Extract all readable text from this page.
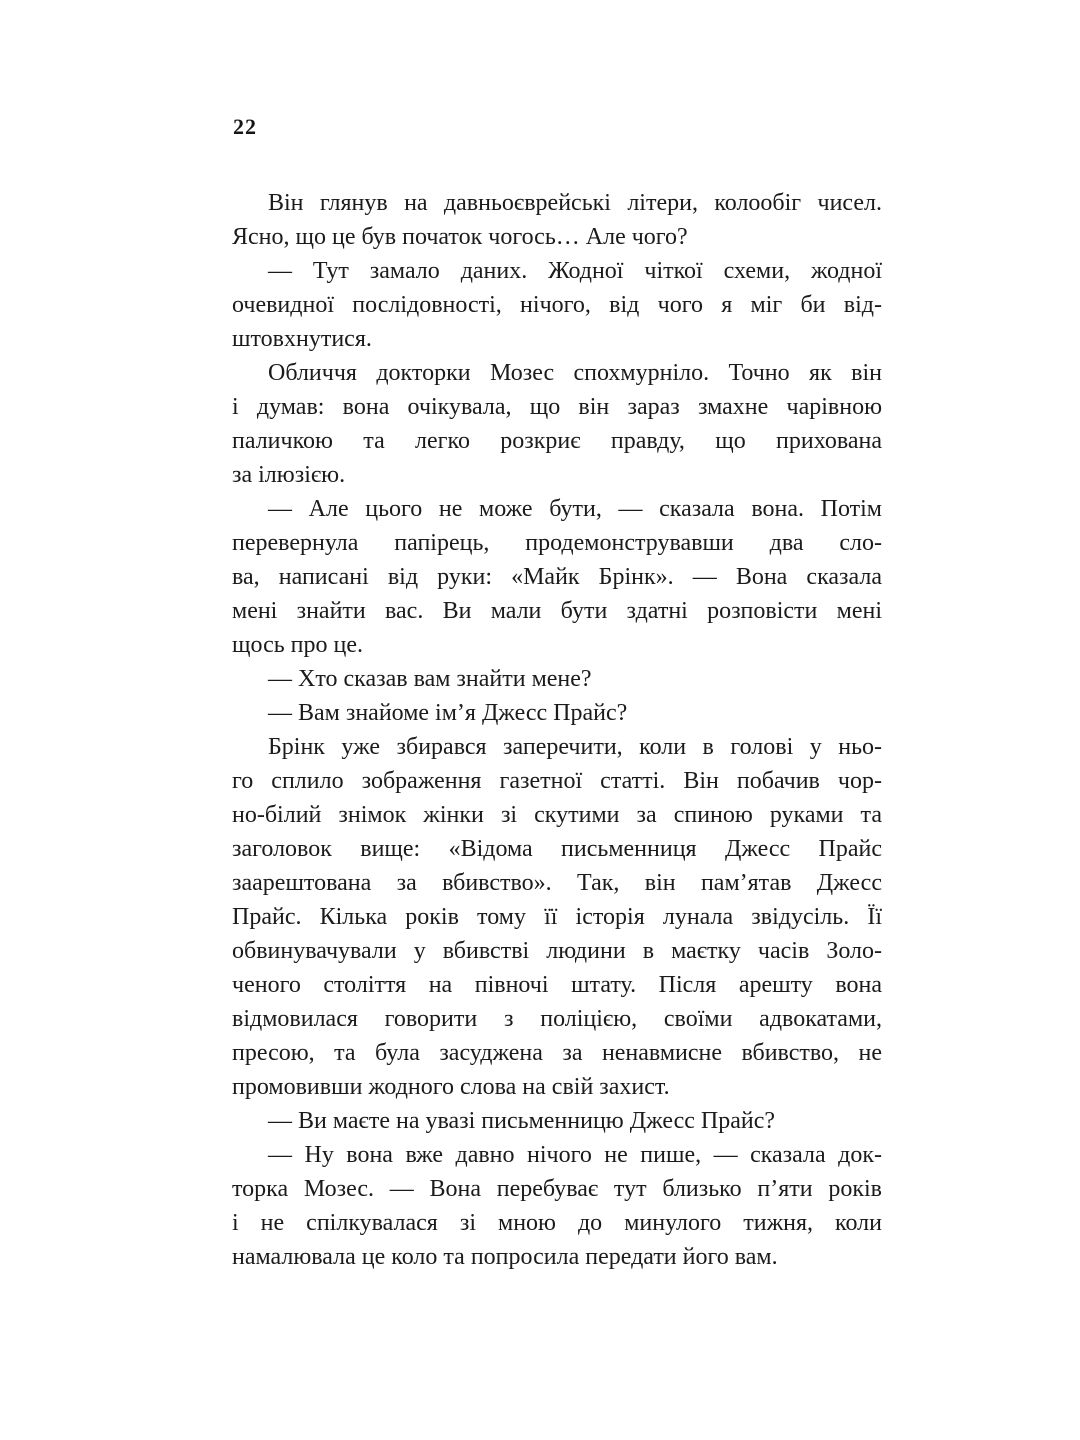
22

Він глянув на давньоєврейські літери, колообіг чисел.
Ясно, що це був початок чогось… Але чого?

— Тут замало даних. Жодної чіткої схеми, жодної
очевидної послідовності, нічого, від чого я міг би від-
штовхнутися.

Обличчя докторки Мозес спохмурніло. Точно як він
і думав: вона очікувала, що він зараз змахне чарівною
паличкою та легко розкриє правду, що прихована
за ілюзією.

— Але цього не може бути, — сказала вона. Потім
перевернула папірець, продемонструвавши два сло-
ва, написані від руки: «Майк Брінк». — Вона сказала
мені знайти вас. Ви мали бути здатні розповісти мені
щось про це.

— Хто сказав вам знайти мене?

— Вам знайоме ім’я Джесс Прайс?

Брінк уже збирався заперечити, коли в голові у ньо-
го сплило зображення газетної статті. Він побачив чор-
но-білий знімок жінки зі скутими за спиною руками та
заголовок вище: «Відома письменниця Джесс Прайс
заарештована за вбивство». Так, він пам’ятав Джесс
Прайс. Кілька років тому її історія лунала звідусіль. Її
обвинувачували у вбивстві людини в маєтку часів Золо-
ченого століття на півночі штату. Після арешту вона
відмовилася говорити з поліцією, своїми адвокатами,
пресою, та була засуджена за ненавмисне вбивство, не
промовивши жодного слова на свій захист.

— Ви маєте на увазі письменницю Джесс Прайс?

— Ну вона вже давно нічого не пише, — сказала док-
торка Мозес. — Вона перебуває тут близько п’яти років
і не спілкувалася зі мною до минулого тижня, коли
намалювала це коло та попросила передати його вам.
